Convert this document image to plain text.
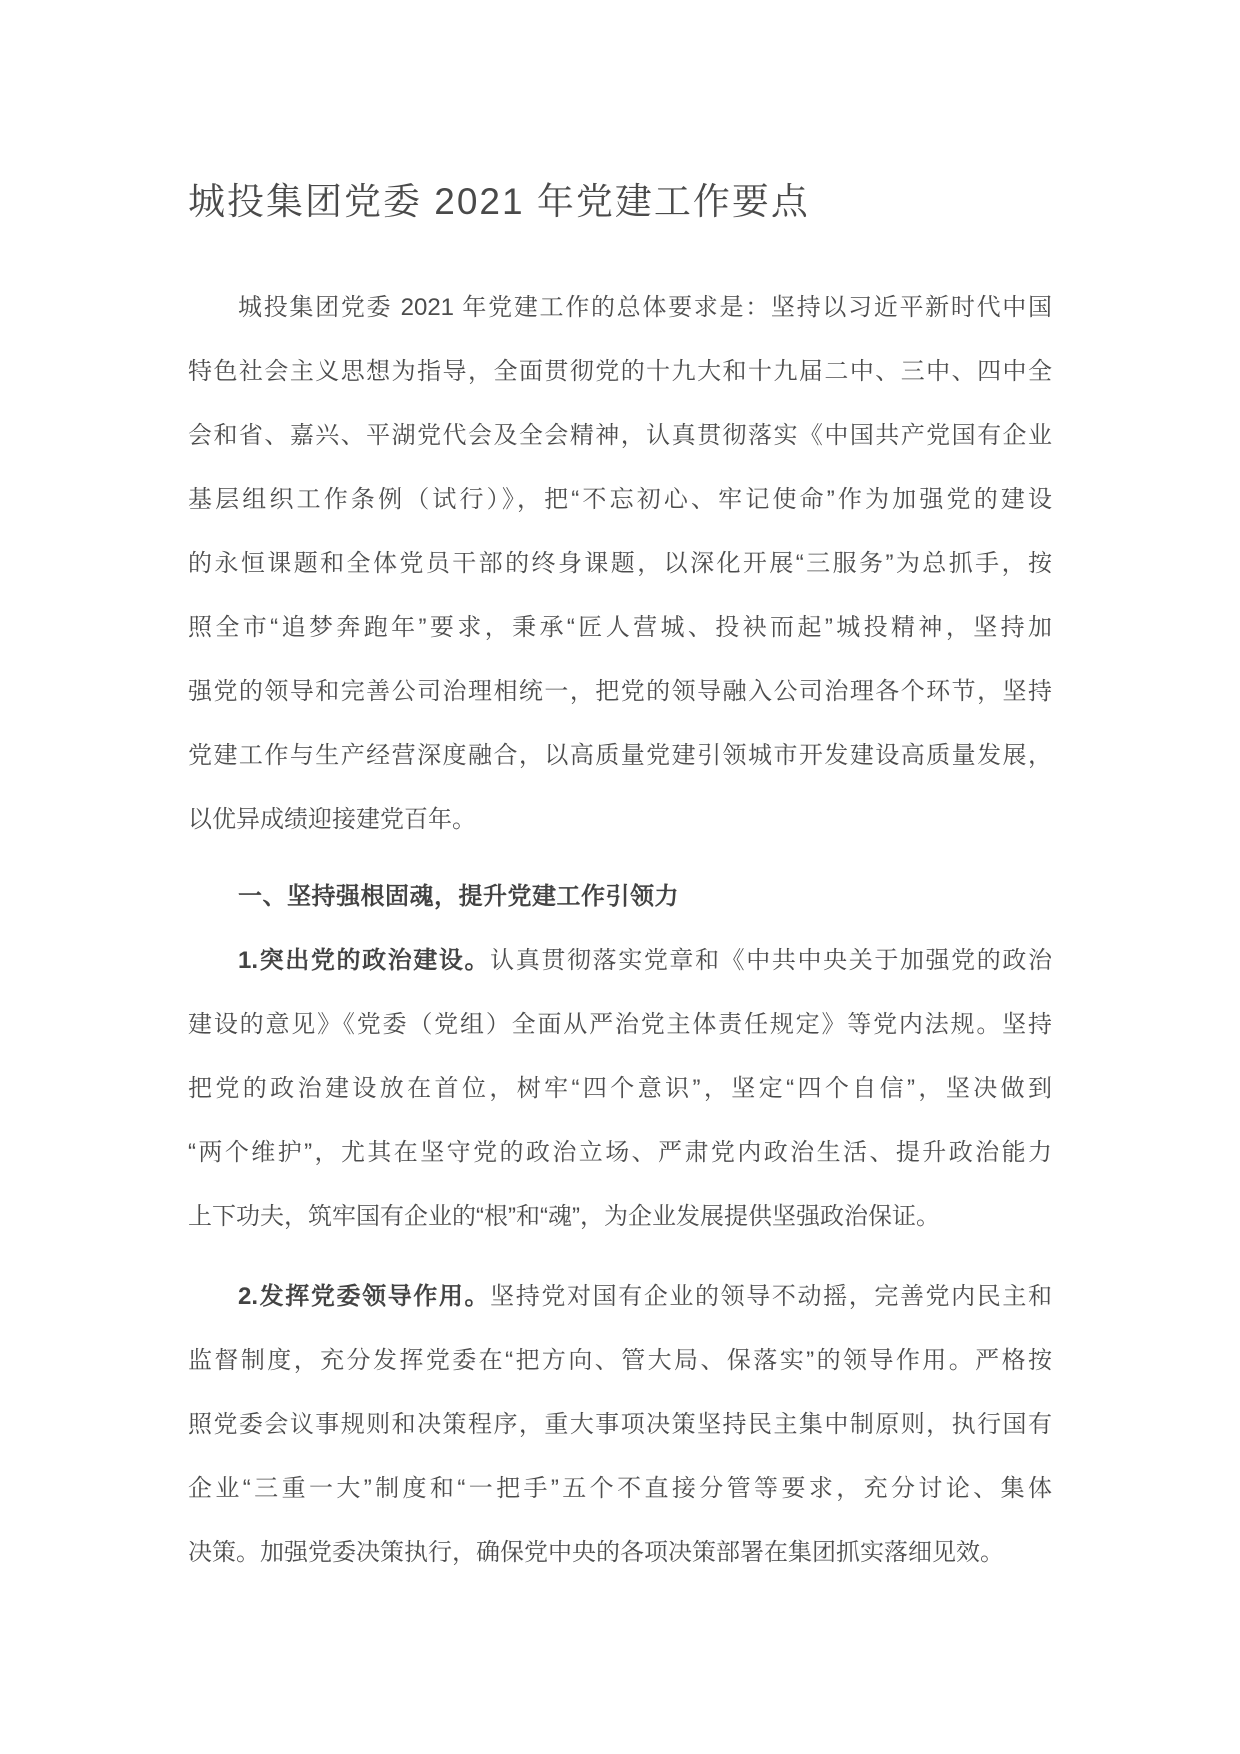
城投集团党委 2021 年党建工作要点
城投集团党委 2021 年党建工作的总体要求是：坚持以习近平新时代中国
特色社会主义思想为指导，全面贯彻党的十九大和十九届二中、三中、四中全
会和省、嘉兴、平湖党代会及全会精神，认真贯彻落实《中国共产党国有企业
基层组织工作条例（试行）》，把“不忘初心、牢记使命”作为加强党的建设
的永恒课题和全体党员干部的终身课题，以深化开展“三服务”为总抓手，按
照全市“追梦奔跑年”要求，秉承“匠人营城、投袂而起”城投精神，坚持加
强党的领导和完善公司治理相统一，把党的领导融入公司治理各个环节，坚持
党建工作与生产经营深度融合，以高质量党建引领城市开发建设高质量发展，
以优异成绩迎接建党百年。
一、坚持强根固魂，提升党建工作引领力
1.突出党的政治建设。认真贯彻落实党章和《中共中央关于加强党的政治
建设的意见》《党委（党组）全面从严治党主体责任规定》等党内法规。坚持
把党的政治建设放在首位，树牢“四个意识”，坚定“四个自信”，坚决做到
“两个维护”，尤其在坚守党的政治立场、严肃党内政治生活、提升政治能力
上下功夫，筑牢国有企业的“根”和“魂”，为企业发展提供坚强政治保证。
2.发挥党委领导作用。坚持党对国有企业的领导不动摇，完善党内民主和
监督制度，充分发挥党委在“把方向、管大局、保落实”的领导作用。严格按
照党委会议事规则和决策程序，重大事项决策坚持民主集中制原则，执行国有
企业“三重一大”制度和“一把手”五个不直接分管等要求，充分讨论、集体
决策。加强党委决策执行，确保党中央的各项决策部署在集团抓实落细见效。
